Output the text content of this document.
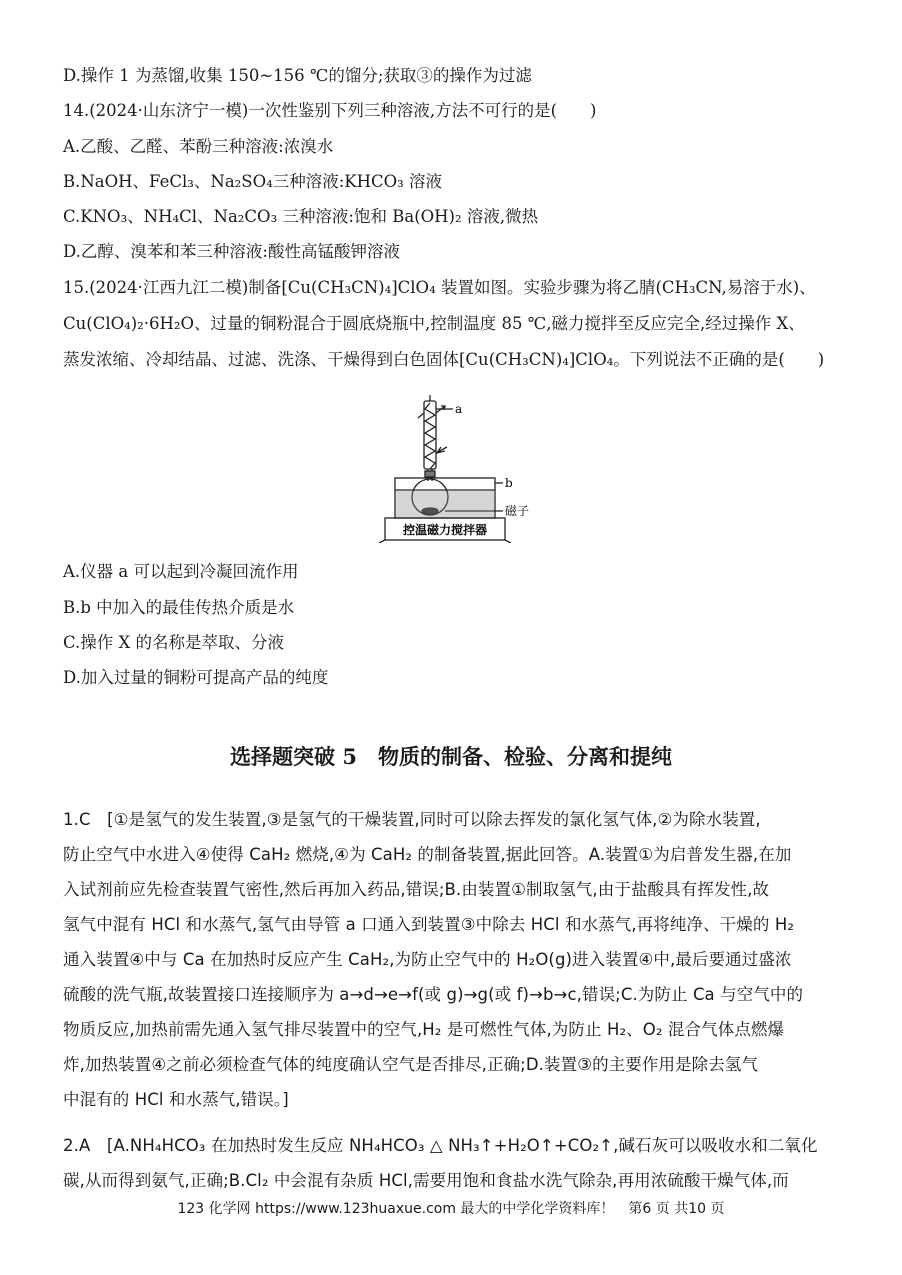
D.操作 1 为蒸馏,收集 150~156 ℃的馏分;获取③的操作为过滤
14.(2024·山东济宁一模)一次性鉴别下列三种溶液,方法不可行的是(　　)
A.乙酸、乙醛、苯酚三种溶液:浓溴水
B.NaOH、FeCl₃、Na₂SO₄三种溶液:KHCO₃ 溶液
C.KNO₃、NH₄Cl、Na₂CO₃ 三种溶液:饱和 Ba(OH)₂ 溶液,微热
D.乙醇、溴苯和苯三种溶液:酸性高锰酸钾溶液
15.(2024·江西九江二模)制备[Cu(CH₃CN)₄]ClO₄ 装置如图。实验步骤为将乙腈(CH₃CN,易溶于水)、
Cu(ClO₄)₂·6H₂O、过量的铜粉混合于圆底烧瓶中,控制温度 85 ℃,磁力搅拌至反应完全,经过操作 X、
蒸发浓缩、冷却结晶、过滤、洗涤、干燥得到白色固体[Cu(CH₃CN)₄]ClO₄。下列说法不正确的是(　　)
a
b
磁子
控温磁力搅拌器
A.仪器 a 可以起到冷凝回流作用
B.b 中加入的最佳传热介质是水
C.操作 X 的名称是萃取、分液
D.加入过量的铜粉可提高产品的纯度
选择题突破 5　物质的制备、检验、分离和提纯
1.C　[①是氢气的发生装置,③是氢气的干燥装置,同时可以除去挥发的氯化氢气体,②为除水装置,
防止空气中水进入④使得 CaH₂ 燃烧,④为 CaH₂ 的制备装置,据此回答。A.装置①为启普发生器,在加
入试剂前应先检查装置气密性,然后再加入药品,错误;B.由装置①制取氢气,由于盐酸具有挥发性,故
氢气中混有 HCl 和水蒸气,氢气由导管 a 口通入到装置③中除去 HCl 和水蒸气,再将纯净、干燥的 H₂
通入装置④中与 Ca 在加热时反应产生 CaH₂,为防止空气中的 H₂O(g)进入装置④中,最后要通过盛浓
硫酸的洗气瓶,故装置接口连接顺序为 a→d→e→f(或 g)→g(或 f)→b→c,错误;C.为防止 Ca 与空气中的
物质反应,加热前需先通入氢气排尽装置中的空气,H₂ 是可燃性气体,为防止 H₂、O₂ 混合气体点燃爆
炸,加热装置④之前必须检查气体的纯度确认空气是否排尽,正确;D.装置③的主要作用是除去氢气
中混有的 HCl 和水蒸气,错误。]
2.A　[A.NH₄HCO₃ 在加热时发生反应 NH₄HCO₃ △ NH₃↑+H₂O↑+CO₂↑,碱石灰可以吸收水和二氧化
碳,从而得到氨气,正确;B.Cl₂ 中会混有杂质 HCl,需要用饱和食盐水洗气除杂,再用浓硫酸干燥气体,而
123 化学网 https://www.123huaxue.com 最大的中学化学资料库！　第6 页 共10 页
